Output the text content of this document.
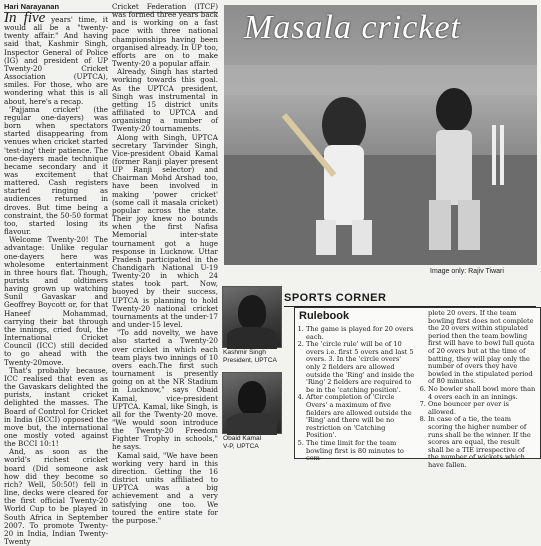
Hari Narayanan

In five years' time, it would all be a "twenty-twenty affair." And having said that, Kashmir Singh, Inspector General of Police (IG) and president of UP Twenty-20 Cricket Association (UPTCA), smiles. For those, who are wondering what this is all about, here's a recap.

'Pajjama cricket' (the regular one-dayers) was born when spectators started disappearing from venues when cricket started 'test-ing' their patience. The one-dayers made technique became secondary and it was excitement that mattered. Cash registers started ringing as audiences returned in droves. But time being a constraint, the 50-50 format too, started losing its flavour.

Welcome Twenty-20! The advantage: Unlike regular one-dayers here was wholesome entertainment in three hours flat. Though, purists and oldtimers having grown up watching Sunil Gavaskar and Geoffrey Boycott or, for that Haneef Mohammad, carrying their bat through the innings, cried foul, the International Cricket Council (ICC) still decided to go ahead with the Twenty-20move.

That's probably because, ICC realised that even as the Gavaskars delighted the purists, instant cricket delighted the masses. The Board of Control for Cricket in India (BCCI) opposed the move but, the international one mostly voted against the BCCI 10:1!

And, as soon as the world's richest cricket board (Did someone ask how did they become so rich? Well, 50:50!) fell in line, decks were cleared for the first official Twenty-20 World Cup to be played in South Africa in September 2007. To promote Twenty-20 in India, Indian Twenty-Twenty

Cricket Federation (ITCF) was formed three years back and is working on a fast pace with three national championships having been organised already. In UP too, efforts are on to make Twenty-20 a popular affair.

Already, Singh has started working towards this goal. As the UPTCA president, Singh was instrumental in getting 15 district units affiliated to UPTCA and organising a number of Twenty-20 tournaments.

Along with Singh, UPTCA secretary Tarvinder Singh, Vice-president Obaid Kamal (former Ranji player present UP Ranji selector) and Chairman Mohd Arshad too, have been involved in making 'power cricket' (some call it masala cricket) popular across the state. Their joy knew no bounds when the first Nafisa Memorial inter-state tournament got a huge response in Lucknow. Uttar Pradesh participated in the Chandigarh National U-19 Twenty-20 in which 24 states took part. Now, buoyed by their success, UPTCA is planning to hold Twenty-20 national cricket tournaments at the under-17 and under-15 level.

"To add novelty, we have also started a Twenty-20 over cricket in which each team plays two innings of 10 overs each.The first such tournament is presently going on at the NR Stadium in Lucknow," says Obaid Kamal, vice-president UPTCA. Kamal, like Singh, is all for the Twenty-20 move. "We would soon introduce the Twenty-20 Freedom Fighter Trophy in schools," he says.

Kamal said, "We have been working very hard in this direction. Getting the 16 district units affiliated to UPTCA was a big achievement and a very satisfying one too. We toured the entire state for the purpose."

Masala cricket
Image only: Rajiv Tiwari
SPORTS CORNER
Kashmir Singh
President, UPTCA
Obaid Kamal
V-P, UPTCA
Rulebook
1. The game is played for 20 overs each.
2. The 'circle rule' will be of 10 overs i.e. first 5 overs and last 5 overs. 3. In the 'circle overs' only 2 fielders are allowed outside the 'Ring' and inside the 'Ring' 2 fielders are required to be in the 'catching position'.
4. After completion of 'Circle Overs' a maximum of five fielders are allowed outside the 'Ring' and there will be no restriction on 'Catching Position'.
5. The time limit for the team bowling first is 80 minutes to com-
plete 20 overs. If the team bowling first does not complete the 20 overs within stipulated period then the team bowling first will have to bowl full quota of 20 overs but at the time of batting, they will play only the number of overs they have bowled in the stipulated period of 80 minutes.
6. No bowler shall bowl more than 4 overs each in an innings.
7. One bouncer per over is allowed.
8. In case of a tie, the team scoring the higher number of runs shall be the winner. If the scores are equal, the result shall be a TIE irrespective of the number of wickets which have fallen.
